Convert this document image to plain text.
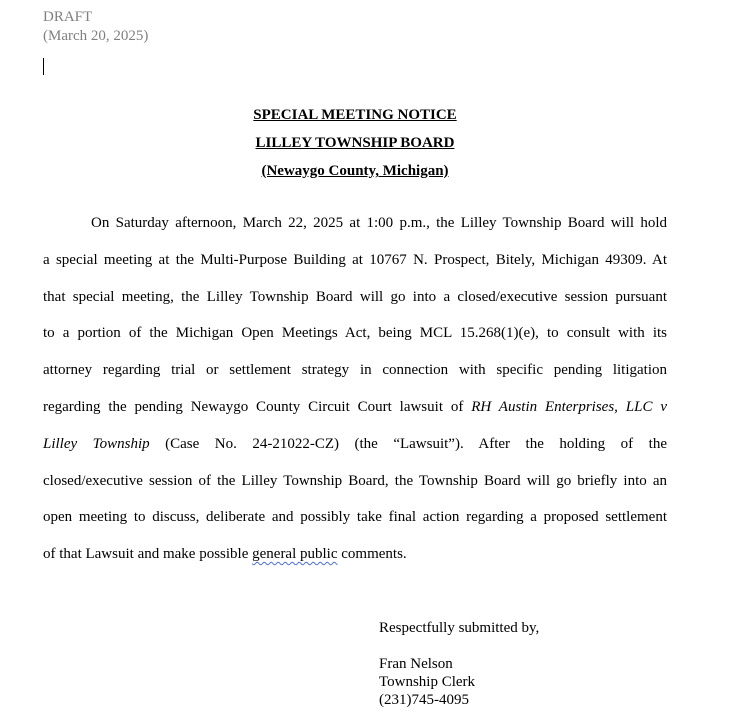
DRAFT
(March 20, 2025)
SPECIAL MEETING NOTICE
LILLEY TOWNSHIP BOARD
(Newaygo County, Michigan)
On Saturday afternoon, March 22, 2025 at 1:00 p.m., the Lilley Township Board will hold
a special meeting at the Multi-Purpose Building at 10767 N. Prospect, Bitely, Michigan 49309. At
that special meeting, the Lilley Township Board will go into a closed/executive session pursuant
to a portion of the Michigan Open Meetings Act, being MCL 15.268(1)(e), to consult with its
attorney regarding trial or settlement strategy in connection with specific pending litigation
regarding the pending Newaygo County Circuit Court lawsuit of RH Austin Enterprises, LLC v
Lilley Township (Case No. 24-21022-CZ) (the “Lawsuit”). After the holding of the
closed/executive session of the Lilley Township Board, the Township Board will go briefly into an
open meeting to discuss, deliberate and possibly take final action regarding a proposed settlement
of that Lawsuit and make possible general public comments.
Respectfully submitted by,
Fran Nelson
Township Clerk
(231)745-4095
